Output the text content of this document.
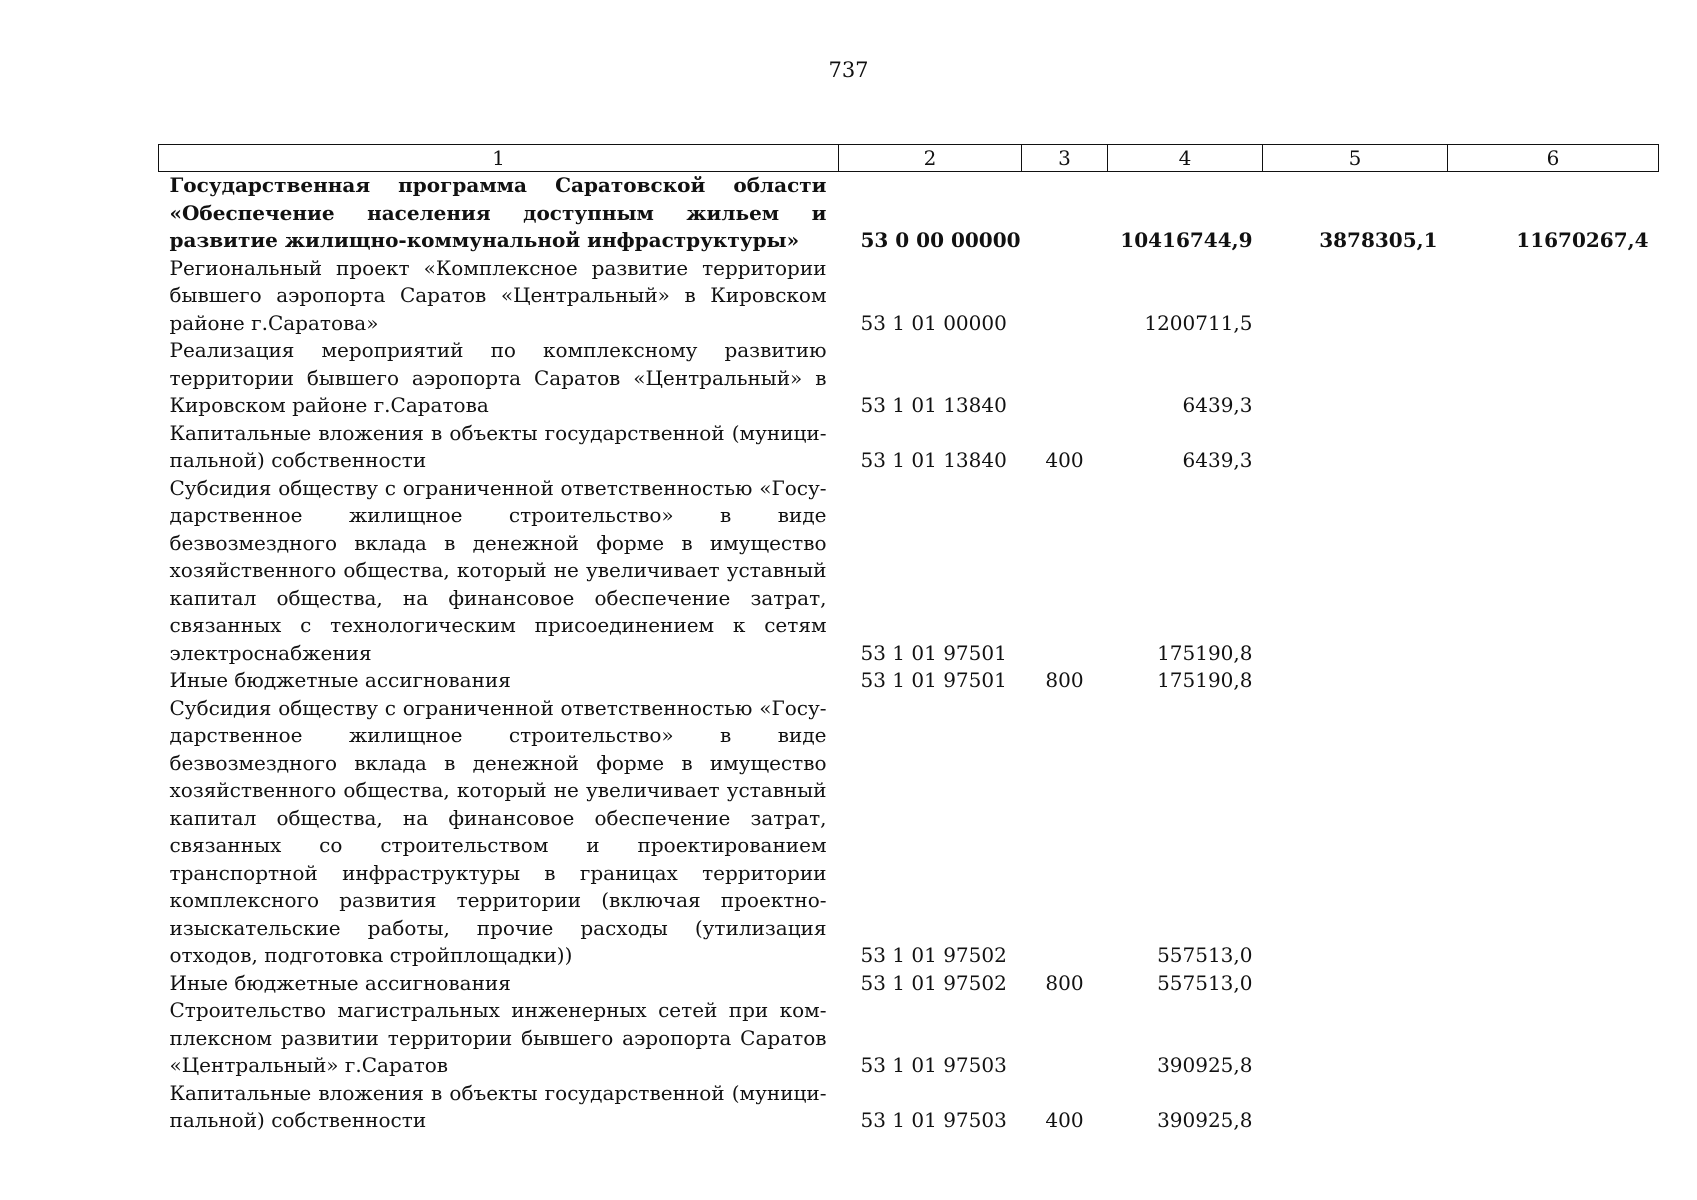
737
1	2	3	4	5	6
Государственная программа Саратовской области «Обеспечение населения доступным жильем и развитие жилищно-коммунальной инфраструктуры»	53 0 00 00000		10416744,9	3878305,1	11670267,4
Региональный проект «Комплексное развитие территории бывшего аэропорта Саратов «Центральный» в Кировском районе г.Саратова»	53 1 01 00000		1200711,5		
Реализация мероприятий по комплексному развитию территории бывшего аэропорта Саратов «Центральный» в Кировском районе г.Саратова	53 1 01 13840		6439,3		
Капитальные вложения в объекты государственной (муниципальной) собственности	53 1 01 13840	400	6439,3		
Субсидия обществу с ограниченной ответственностью «Государственное жилищное строительство» в виде безвозмездного вклада в денежной форме в имущество хозяйственного общества, который не увеличивает уставный капитал общества, на финансовое обеспечение затрат, связанных с технологическим присоединением к сетям электроснабжения	53 1 01 97501		175190,8		
Иные бюджетные ассигнования	53 1 01 97501	800	175190,8		
Субсидия обществу с ограниченной ответственностью «Государственное жилищное строительство» в виде безвозмездного вклада в денежной форме в имущество хозяйственного общества, который не увеличивает уставный капитал общества, на финансовое обеспечение затрат, связанных со строительством и проектированием транспортной инфраструктуры в границах территории комплексного развития территории (включая проектно-изыскательские работы, прочие расходы (утилизация отходов, подготовка стройплощадки))	53 1 01 97502		557513,0		
Иные бюджетные ассигнования	53 1 01 97502	800	557513,0		
Строительство магистральных инженерных сетей при комплексном развитии территории бывшего аэропорта Саратов «Центральный» г.Саратов	53 1 01 97503		390925,8		
Капитальные вложения в объекты государственной (муниципальной) собственности	53 1 01 97503	400	390925,8		
